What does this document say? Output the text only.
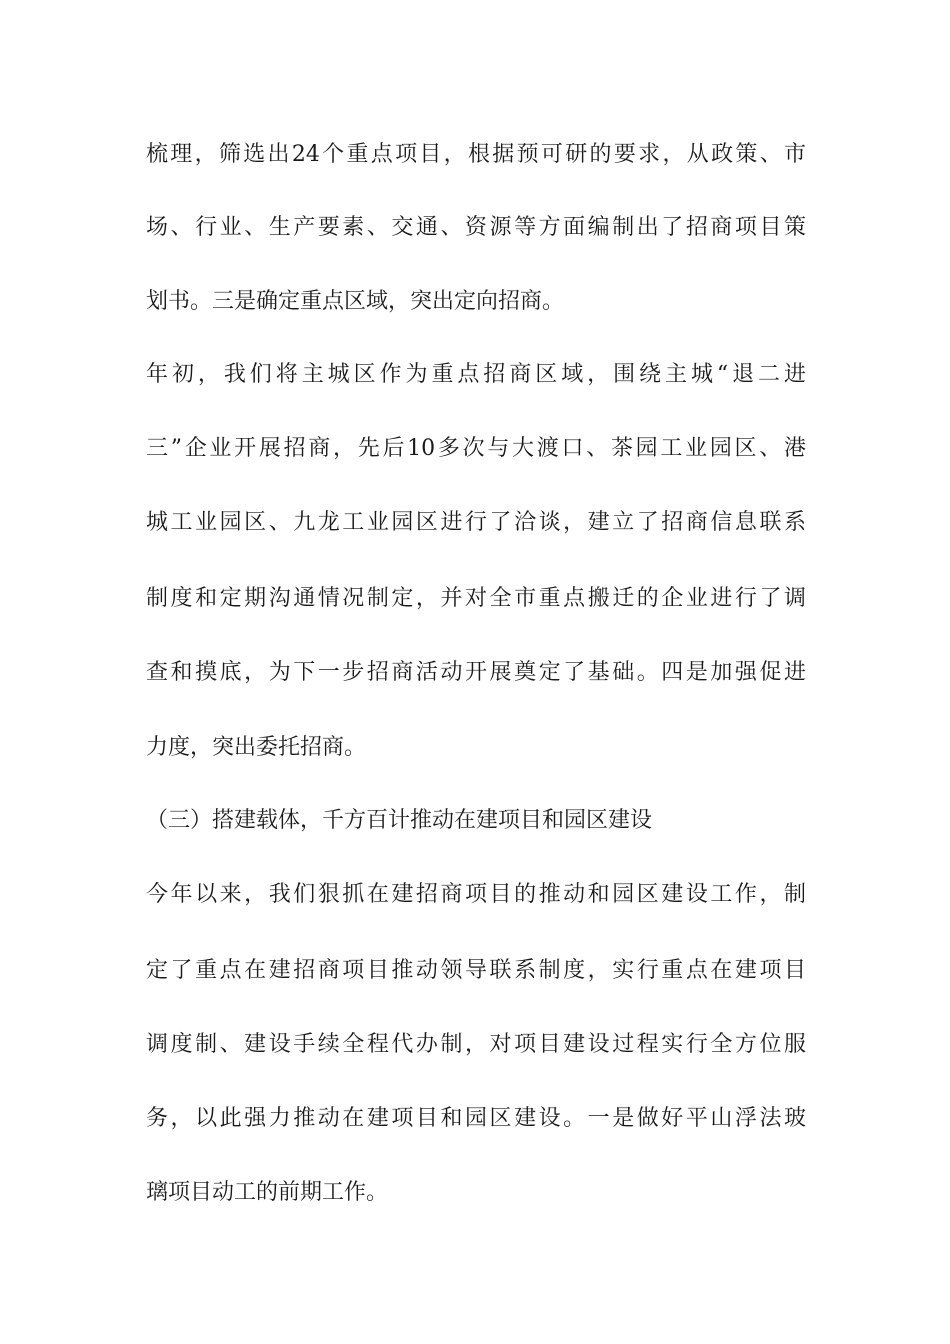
梳理，筛选出24个重点项目，根据预可研的要求，从政策、市
场、行业、生产要素、交通、资源等方面编制出了招商项目策
划书。三是确定重点区域，突出定向招商。
年初，我们将主城区作为重点招商区域，围绕主城“退二进
三”企业开展招商，先后10多次与大渡口、茶园工业园区、港
城工业园区、九龙工业园区进行了洽谈，建立了招商信息联系
制度和定期沟通情况制定，并对全市重点搬迁的企业进行了调
查和摸底，为下一步招商活动开展奠定了基础。四是加强促进
力度，突出委托招商。
（三）搭建载体，千方百计推动在建项目和园区建设
今年以来，我们狠抓在建招商项目的推动和园区建设工作，制
定了重点在建招商项目推动领导联系制度，实行重点在建项目
调度制、建设手续全程代办制，对项目建设过程实行全方位服
务，以此强力推动在建项目和园区建设。一是做好平山浮法玻
璃项目动工的前期工作。
